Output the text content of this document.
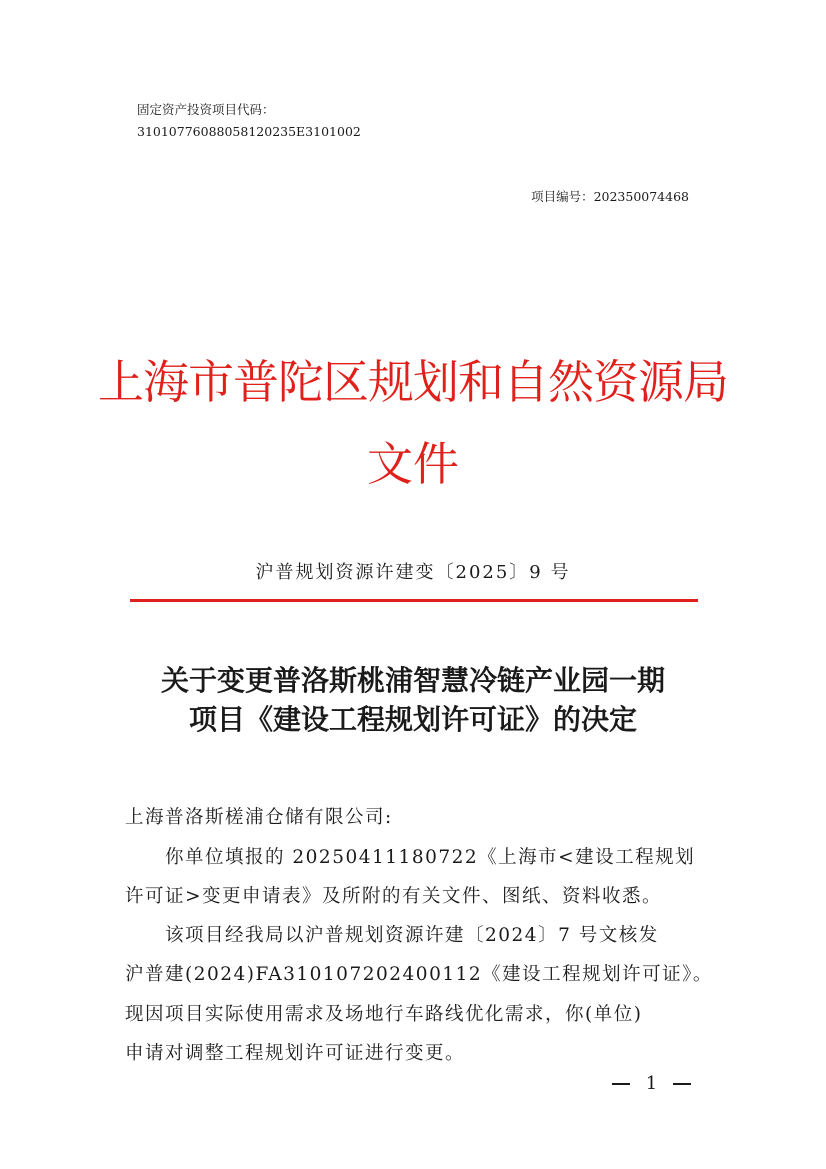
固定资产投资项目代码：
3101077608805812023​5E3101002
项目编号：202350074468
上海市普陀区规划和自然资源局
文件
沪普规划资源许建变〔2025〕9 号
关于变更普洛斯桃浦智慧冷链产业园一期
项目《建设工程规划许可证》的决定
上海普洛斯槎浦仓储有限公司:
　　你单位填报的 20250411180722《上海市<建设工程规划
许可证>变更申请表》及所附的有关文件、图纸、资料收悉。
　　该项目经我局以沪普规划资源许建〔2024〕7 号文核发
沪普建(2024)FA310107202400112《建设工程规划许可证》。
现因项目实际使用需求及场地行车路线优化需求，你(单位)
申请对调整工程规划许可证进行变更。
1
